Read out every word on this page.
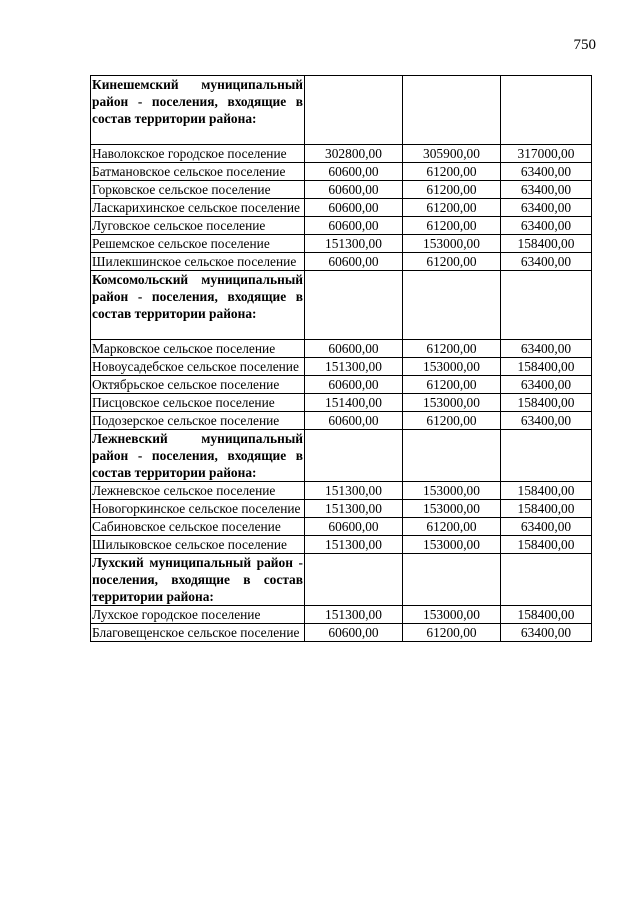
750
Кинешемский муниципальный район - поселения, входящие в состав территории района:			
Наволокское городское поселение	302800,00	305900,00	317000,00
Батмановское сельское поселение	60600,00	61200,00	63400,00
Горковское сельское поселение	60600,00	61200,00	63400,00
Ласкарихинское сельское поселение	60600,00	61200,00	63400,00
Луговское сельское поселение	60600,00	61200,00	63400,00
Решемское сельское поселение	151300,00	153000,00	158400,00
Шилекшинское сельское поселение	60600,00	61200,00	63400,00
Комсомольский муниципальный район - поселения, входящие в состав территории района:			
Марковское сельское поселение	60600,00	61200,00	63400,00
Новоусадебское сельское поселение	151300,00	153000,00	158400,00
Октябрьское сельское поселение	60600,00	61200,00	63400,00
Писцовское сельское поселение	151400,00	153000,00	158400,00
Подозерское сельское поселение	60600,00	61200,00	63400,00
Лежневский муниципальный район - поселения, входящие в состав территории района:			
Лежневское сельское поселение	151300,00	153000,00	158400,00
Новогоркинское сельское поселение	151300,00	153000,00	158400,00
Сабиновское сельское поселение	60600,00	61200,00	63400,00
Шилыковское сельское поселение	151300,00	153000,00	158400,00
Лухский муниципальный район - поселения, входящие в состав территории района:			
Лухское городское поселение	151300,00	153000,00	158400,00
Благовещенское сельское поселение	60600,00	61200,00	63400,00
